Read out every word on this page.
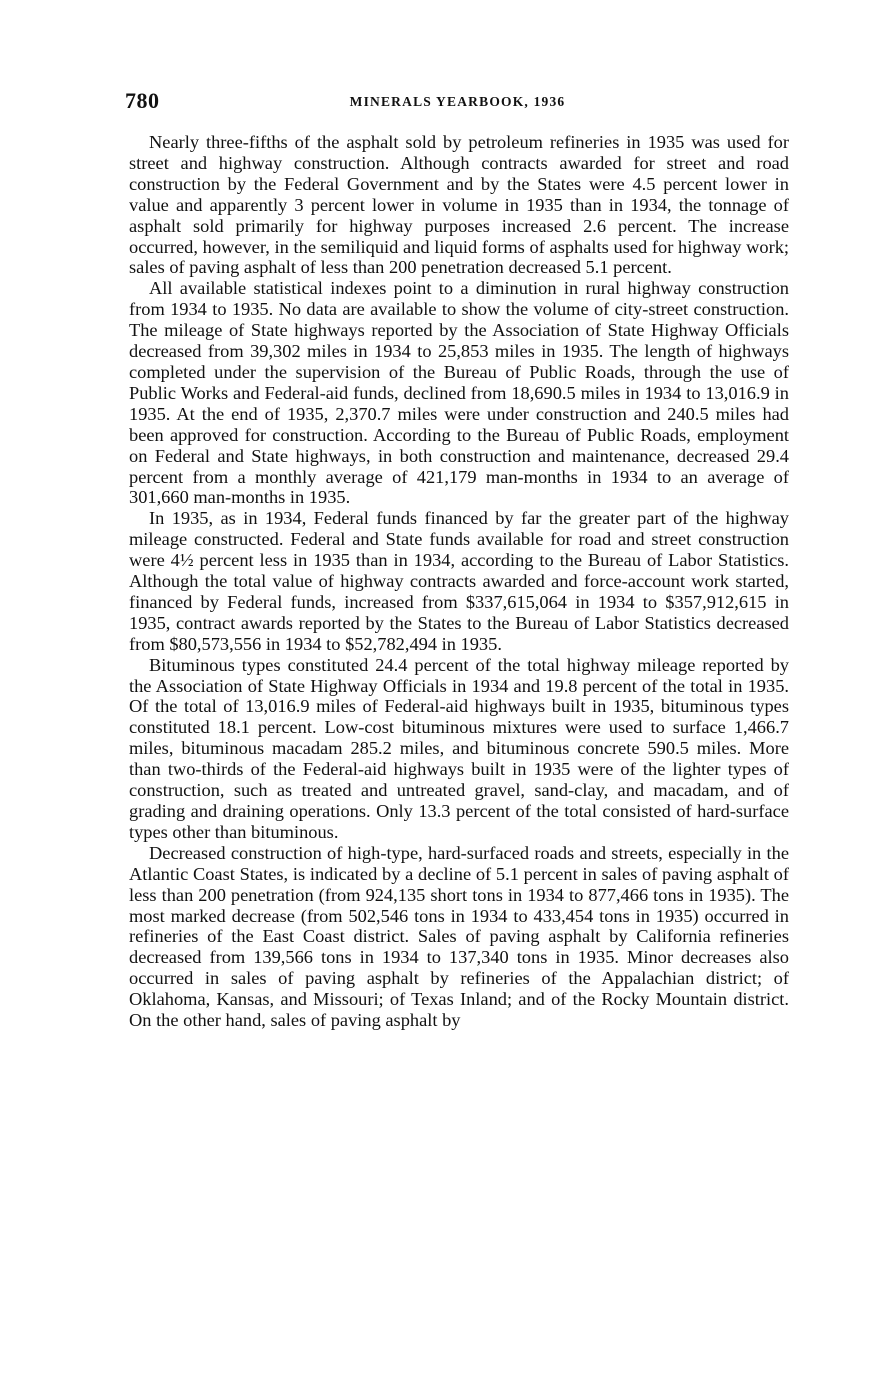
780	MINERALS YEARBOOK, 1936

Nearly three-fifths of the asphalt sold by petroleum refineries in 1935 was used for street and highway construction. Although contracts awarded for street and road construction by the Federal Government and by the States were 4.5 percent lower in value and apparently 3 percent lower in volume in 1935 than in 1934, the tonnage of asphalt sold primarily for highway purposes increased 2.6 percent. The increase occurred, however, in the semiliquid and liquid forms of asphalts used for highway work; sales of paving asphalt of less than 200 penetration decreased 5.1 percent.

All available statistical indexes point to a diminution in rural highway construction from 1934 to 1935. No data are available to show the volume of city-street construction. The mileage of State highways reported by the Association of State Highway Officials decreased from 39,302 miles in 1934 to 25,853 miles in 1935. The length of highways completed under the supervision of the Bureau of Public Roads, through the use of Public Works and Federal-aid funds, declined from 18,690.5 miles in 1934 to 13,016.9 in 1935. At the end of 1935, 2,370.7 miles were under construction and 240.5 miles had been approved for construction. According to the Bureau of Public Roads, employment on Federal and State highways, in both construction and maintenance, decreased 29.4 percent from a monthly average of 421,179 man-months in 1934 to an average of 301,660 man-months in 1935.

In 1935, as in 1934, Federal funds financed by far the greater part of the highway mileage constructed. Federal and State funds available for road and street construction were 4½ percent less in 1935 than in 1934, according to the Bureau of Labor Statistics. Although the total value of highway contracts awarded and force-account work started, financed by Federal funds, increased from $337,615,064 in 1934 to $357,912,615 in 1935, contract awards reported by the States to the Bureau of Labor Statistics decreased from $80,573,556 in 1934 to $52,782,494 in 1935.

Bituminous types constituted 24.4 percent of the total highway mileage reported by the Association of State Highway Officials in 1934 and 19.8 percent of the total in 1935. Of the total of 13,016.9 miles of Federal-aid highways built in 1935, bituminous types constituted 18.1 percent. Low-cost bituminous mixtures were used to surface 1,466.7 miles, bituminous macadam 285.2 miles, and bituminous concrete 590.5 miles. More than two-thirds of the Federal-aid highways built in 1935 were of the lighter types of construction, such as treated and untreated gravel, sand-clay, and macadam, and of grading and draining operations. Only 13.3 percent of the total consisted of hard-surface types other than bituminous.

Decreased construction of high-type, hard-surfaced roads and streets, especially in the Atlantic Coast States, is indicated by a decline of 5.1 percent in sales of paving asphalt of less than 200 penetration (from 924,135 short tons in 1934 to 877,466 tons in 1935). The most marked decrease (from 502,546 tons in 1934 to 433,454 tons in 1935) occurred in refineries of the East Coast district. Sales of paving asphalt by California refineries decreased from 139,566 tons in 1934 to 137,340 tons in 1935. Minor decreases also occurred in sales of paving asphalt by refineries of the Appalachian district; of Oklahoma, Kansas, and Missouri; of Texas Inland; and of the Rocky Mountain district. On the other hand, sales of paving asphalt by
